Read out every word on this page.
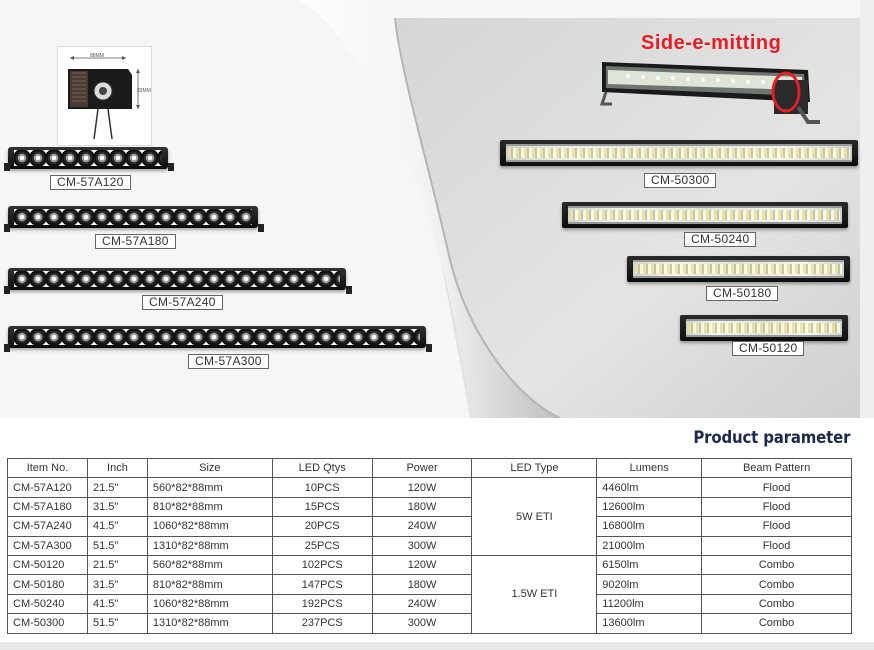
88MM
82MM
CM-57A120
CM-57A180
CM-57A240
CM-57A300
Side-e-mitting
CM-50300
CM-50240
CM-50180
CM-50120
Product parameter
Item No.	Inch	Size	LED Qtys	Power	LED Type	Lumens	Beam Pattern
CM-57A120	21.5"	560*82*88mm	10PCS	120W	5W ETI	4460lm	Flood
CM-57A180	31.5"	810*82*88mm	15PCS	180W		12600lm	Flood
CM-57A240	41.5"	1060*82*88mm	20PCS	240W		16800lm	Flood
CM-57A300	51.5"	1310*82*88mm	25PCS	300W		21000lm	Flood
CM-50120	21.5"	560*82*88mm	102PCS	120W	1.5W ETI	6150lm	Combo
CM-50180	31.5"	810*82*88mm	147PCS	180W		9020lm	Combo
CM-50240	41.5"	1060*82*88mm	192PCS	240W		11200lm	Combo
CM-50300	51.5"	1310*82*88mm	237PCS	300W		13600lm	Combo
